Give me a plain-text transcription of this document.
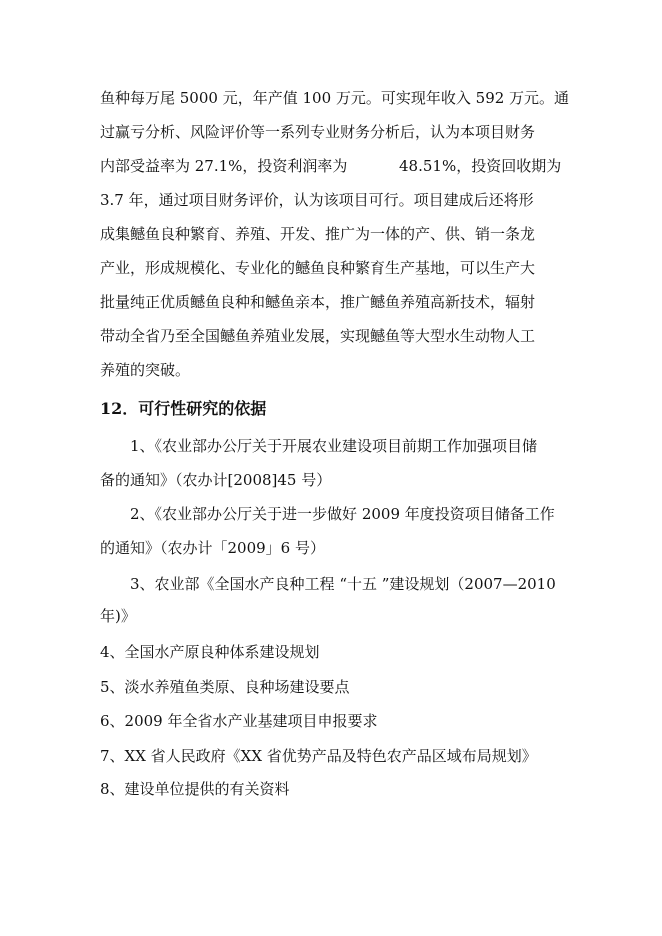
鱼种每万尾 5000 元，年产值 100 万元。可实现年收入 592 万元。通
过赢亏分析、风险评价等一系列专业财务分析后，认为本项目财务
内部受益率为 27.1%，投资利润率为	48.51%，投资回收期为
3.7 年，通过项目财务评价，认为该项目可行。项目建成后还将形
成集鳡鱼良种繁育、养殖、开发、推广为一体的产、供、销一条龙
产业，形成规模化、专业化的鳡鱼良种繁育生产基地，可以生产大
批量纯正优质鳡鱼良种和鳡鱼亲本，推广鳡鱼养殖高新技术，辐射
带动全省乃至全国鳡鱼养殖业发展，实现鳡鱼等大型水生动物人工
养殖的突破。
12．可行性研究的依据
1、《农业部办公厅关于开展农业建设项目前期工作加强项目储
备的通知》（农办计[2008]45 号）
2、《农业部办公厅关于进一步做好 2009 年度投资项目储备工作
的通知》（农办计「2009」6 号）
3、农业部《全国水产良种工程 “十五 ”建设规划（2007—2010
年)》
4、全国水产原良种体系建设规划
5、淡水养殖鱼类原、良种场建设要点
6、2009 年全省水产业基建项目申报要求
7、XX 省人民政府《XX 省优势产品及特色农产品区域布局规划》
8、建设单位提供的有关资料
